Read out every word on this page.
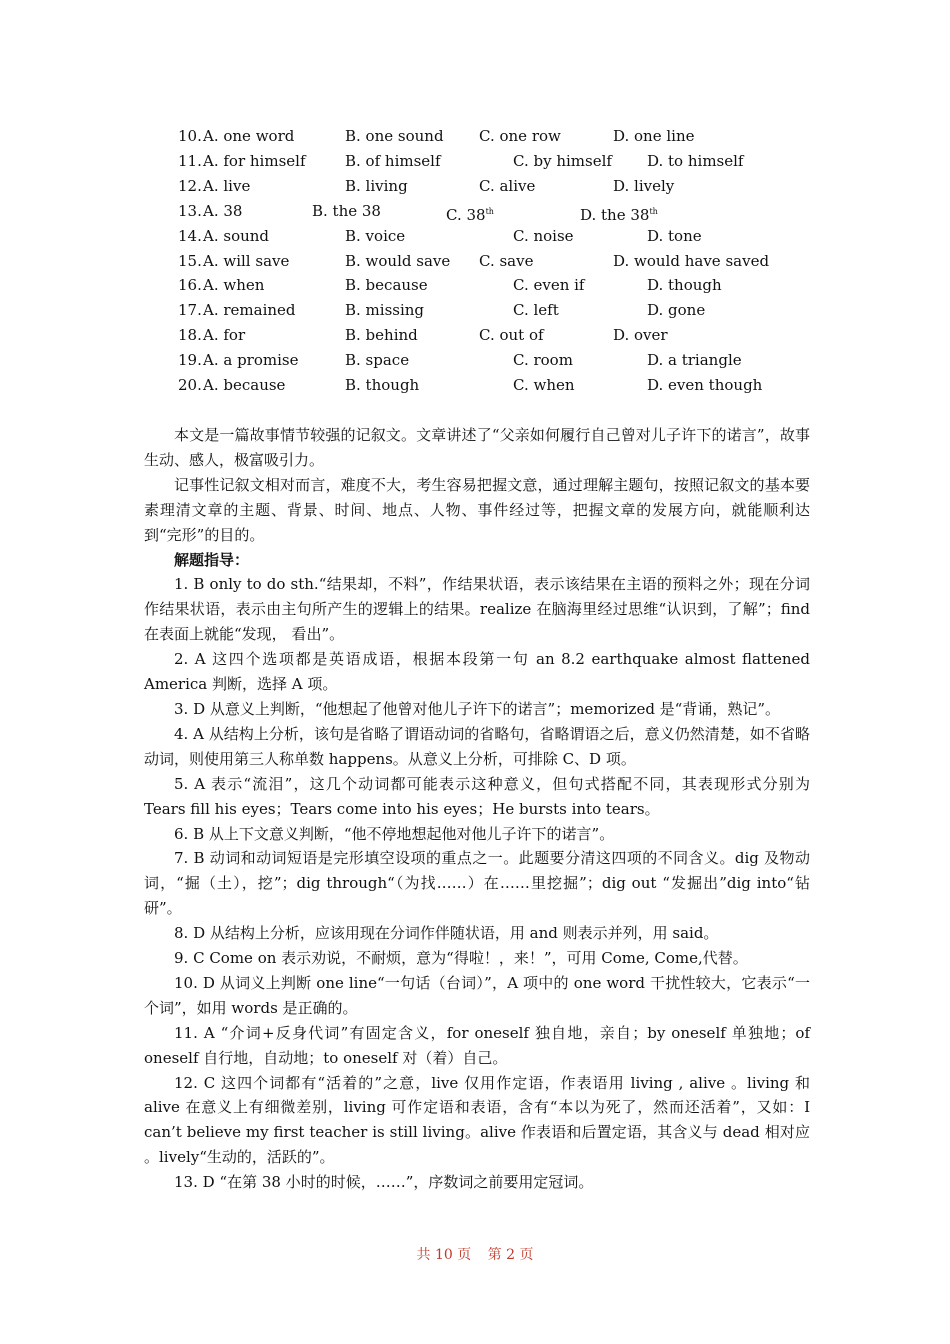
10. A. one word	B. one sound C. one row	D. one line
11. A. for himself	B. of himself	C. by himself D. to himself
12. A. live	B. living	C. alive	D. lively
13. A. 38	B. the 38	C. 38th	D. the 38th
14. A. sound	B. voice	C. noise	D. tone
15. A. will save	B. would save C. save	D. would have saved
16. A. when	B. because	C. even if	D. though
17. A. remained	B. missing	C. left	D. gone
18. A. for	B. behind	C. out of	D. over
19. A. a promise	B. space	C. room	D. a triangle
20. A. because	B. though	C. when	D. even though

本文是一篇故事情节较强的记叙文。文章讲述了“父亲如何履行自己曾对儿子许下的诺言”，故事生动、感人，极富吸引力。

记事性记叙文相对而言，难度不大，考生容易把握文意，通过理解主题句，按照记叙文的基本要素理清文章的主题、背景、时间、地点、人物、事件经过等，把握文章的发展方向，就能顺利达到“完形”的目的。

解题指导：

1. B only to do sth.“结果却，不料”，作结果状语，表示该结果在主语的预料之外；现在分词作结果状语，表示由主句所产生的逻辑上的结果。realize 在脑海里经过思维“认识到，了解”；find 在表面上就能“发现， 看出”。

2. A 这四个选项都是英语成语，根据本段第一句 an 8.2 earthquake almost flattened America 判断，选择 A 项。

3. D 从意义上判断，“他想起了他曾对他儿子许下的诺言”；memorized 是“背诵，熟记”。

4. A 从结构上分析，该句是省略了谓语动词的省略句，省略谓语之后，意义仍然清楚，如不省略动词，则使用第三人称单数 happens。从意义上分析，可排除 C、D 项。

5. A 表示“流泪”，这几个动词都可能表示这种意义，但句式搭配不同，其表现形式分别为 Tears fill his eyes；Tears come into his eyes；He bursts into tears。

6. B 从上下文意义判断，“他不停地想起他对他儿子许下的诺言”。

7. B 动词和动词短语是完形填空设项的重点之一。此题要分清这四项的不同含义。dig 及物动词，“掘（土），挖”；dig through“（为找……）在……里挖掘”；dig out “发掘出”dig into“钻研”。

8. D 从结构上分析，应该用现在分词作伴随状语，用 and 则表示并列，用 said。

9. C Come on 表示劝说，不耐烦，意为“得啦！，来！”，可用 Come, Come,代替。

10. D 从词义上判断 one line“一句话（台词）”，A 项中的 one word 干扰性较大，它表示“一个词”，如用 words 是正确的。

11. A “介词+反身代词”有固定含义，for oneself 独自地，亲自；by oneself 单独地；of oneself 自行地，自动地；to oneself 对（着）自己。

12. C 这四个词都有“活着的”之意，live 仅用作定语，作表语用 living , alive 。living 和 alive 在意义上有细微差别，living 可作定语和表语，含有“本以为死了，然而还活着”，又如：I can’t believe my first teacher is still living。alive 作表语和后置定语，其含义与 dead 相对应 。lively“生动的，活跃的”。

13. D “在第 38 小时的时候，……”，序数词之前要用定冠词。

共 10 页 第 2 页
